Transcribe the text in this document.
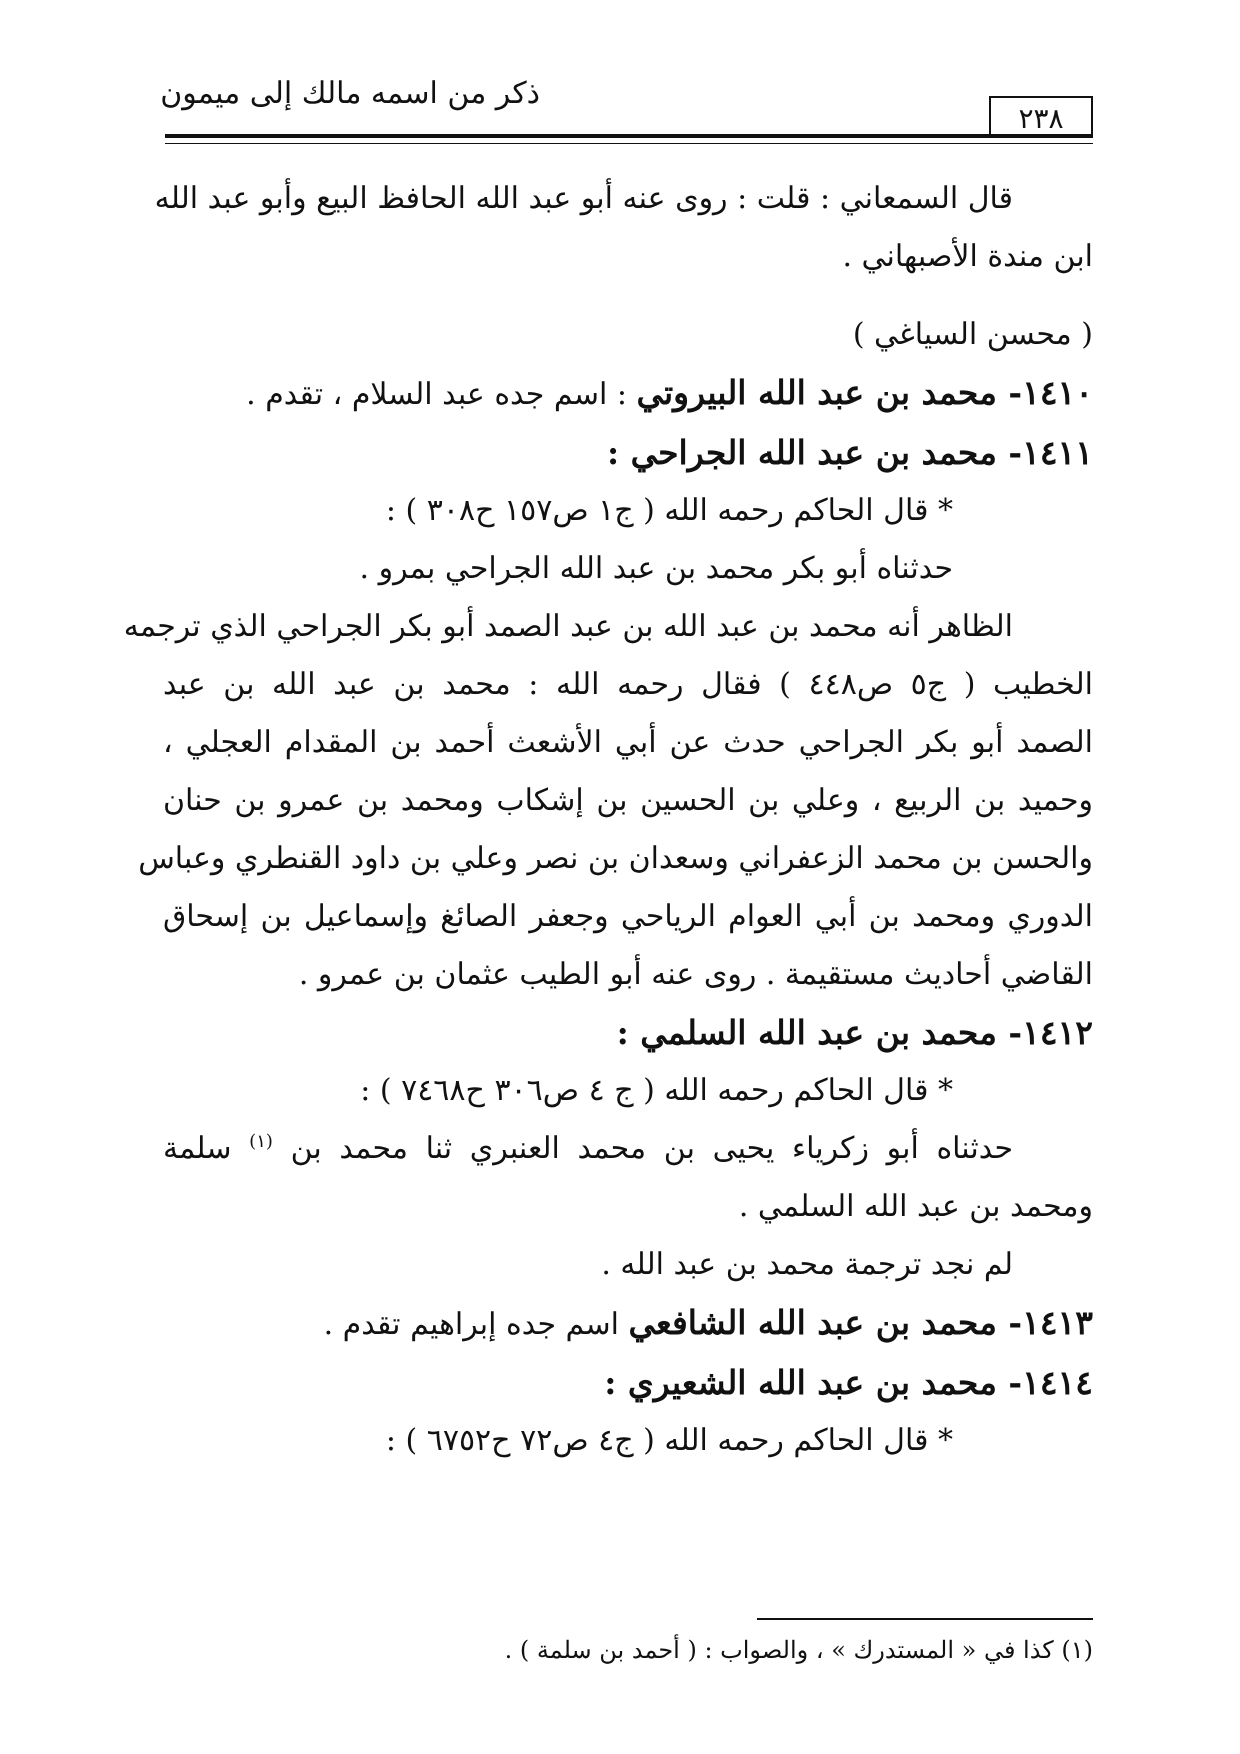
ذكر من اسمه مالك إلى ميمون
٢٣٨
قال السمعاني : قلت : روى عنه أبو عبد الله الحافظ البيع وأبو عبد الله
ابن مندة الأصبهاني .
( محسن السياغي )
١٤١٠- محمد بن عبد الله البيروتي : اسم جده عبد السلام ، تقدم .
١٤١١- محمد بن عبد الله الجراحي :
* قال الحاكم رحمه الله ( ج١ ص١٥٧ ح٣٠٨ ) :
حدثناه أبو بكر محمد بن عبد الله الجراحي بمرو .
الظاهر أنه محمد بن عبد الله بن عبد الصمد أبو بكر الجراحي الذي ترجمه
الخطيب ( ج٥ ص٤٤٨ ) فقال رحمه الله : محمد بن عبد الله بن عبد
الصمد أبو بكر الجراحي حدث عن أبي الأشعث أحمد بن المقدام العجلي ،
وحميد بن الربيع ، وعلي بن الحسين بن إشكاب ومحمد بن عمرو بن حنان
والحسن بن محمد الزعفراني وسعدان بن نصر وعلي بن داود القنطري وعباس
الدوري ومحمد بن أبي العوام الرياحي وجعفر الصائغ وإسماعيل بن إسحاق
القاضي أحاديث مستقيمة . روى عنه أبو الطيب عثمان بن عمرو .
١٤١٢- محمد بن عبد الله السلمي :
* قال الحاكم رحمه الله ( ج ٤ ص٣٠٦ ح٧٤٦٨ ) :
حدثناه أبو زكرياء يحيى بن محمد العنبري ثنا محمد بن $^{(١)}$ سلمة
ومحمد بن عبد الله السلمي .
لم نجد ترجمة محمد بن عبد الله .
١٤١٣- محمد بن عبد الله الشافعي اسم جده إبراهيم تقدم .
١٤١٤- محمد بن عبد الله الشعيري :
* قال الحاكم رحمه الله ( ج٤ ص٧٢ ح٦٧٥٢ ) :
(١) كذا في « المستدرك » ، والصواب : ( أحمد بن سلمة ) .
